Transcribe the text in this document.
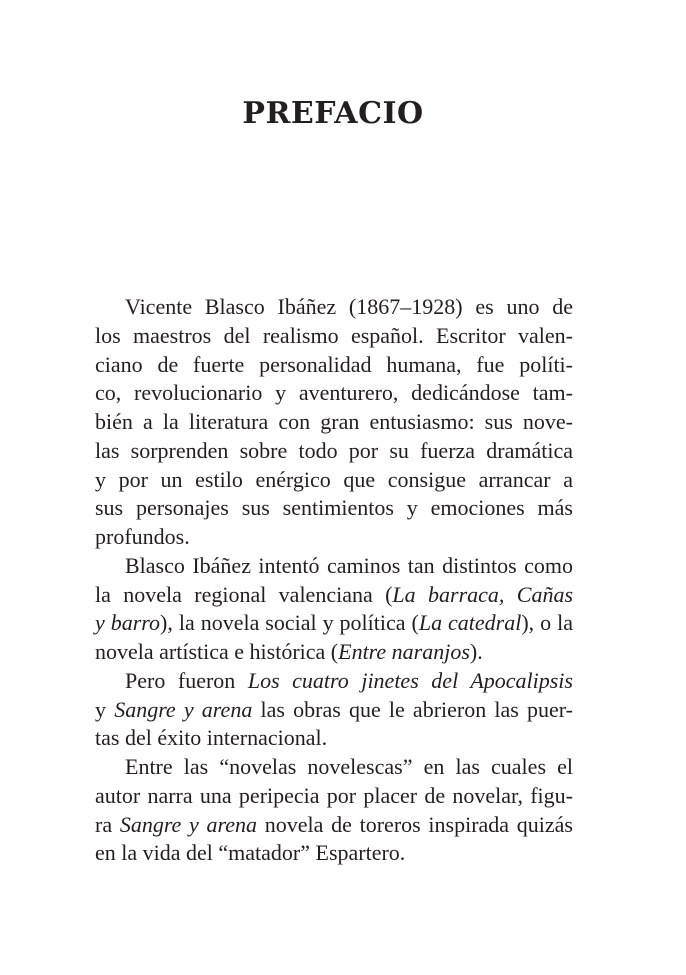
PREFACIO

Vicente Blasco Ibáñez (1867–1928) es uno de
los maestros del realismo español. Escritor valen-
ciano de fuerte personalidad humana, fue políti-
co, revolucionario y aventurero, dedicándose tam-
bién a la literatura con gran entusiasmo: sus nove-
las sorprenden sobre todo por su fuerza dramática
y por un estilo enérgico que consigue arrancar a
sus personajes sus sentimientos y emociones más
profundos.

Blasco Ibáñez intentó caminos tan distintos como
la novela regional valenciana (La barraca, Cañas
y barro), la novela social y política (La catedral), o la
novela artística e histórica (Entre naranjos).

Pero fueron Los cuatro jinetes del Apocalipsis
y Sangre y arena las obras que le abrieron las puer-
tas del éxito internacional.

Entre las “novelas novelescas” en las cuales el
autor narra una peripecia por placer de novelar, figu-
ra Sangre y arena novela de toreros inspirada quizás
en la vida del “matador” Espartero.
